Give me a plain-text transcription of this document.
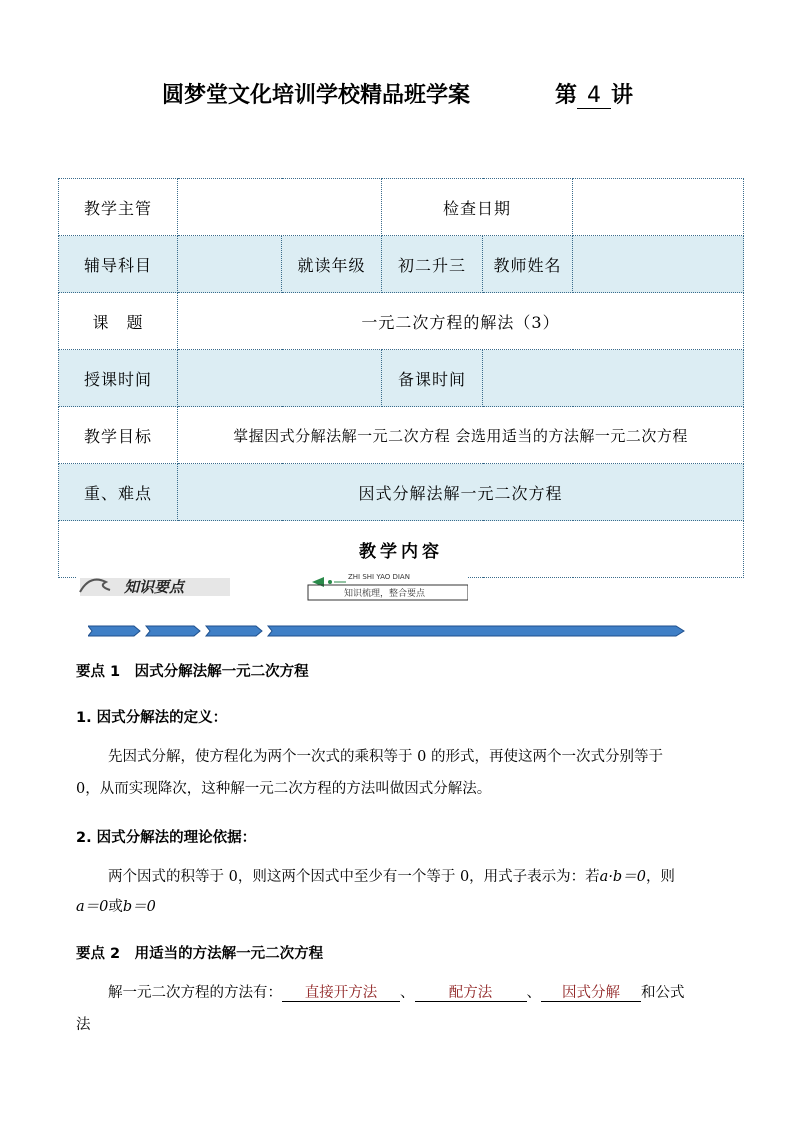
圆梦堂文化培训学校精品班学案	第 4 讲
教学主管			检查日期		
辅导科目		就读年级	初二升三	教师姓名	
课　题	一元二次方程的解法（3）				
授课时间			备课时间		
教学目标	掌握因式分解法解一元二次方程 会选用适当的方法解一元二次方程				
重、难点	因式分解法解一元二次方程				
教学内容					
知识要点
ZHI SHI YAO DIAN
知识梳理，整合要点
要点 1　因式分解法解一元二次方程
1. 因式分解法的定义：
先因式分解，使方程化为两个一次式的乘积等于 0 的形式，再使这两个一次式分别等于
0，从而实现降次，这种解一元二次方程的方法叫做因式分解法。
2. 因式分解法的理论依据：
两个因式的积等于 0，则这两个因式中至少有一个等于 0，用式子表示为：若a·b＝0，则
a＝0或b＝0
要点 2　用适当的方法解一元二次方程
解一元二次方程的方法有： 直接开方法 、 配方法 、 因式分解 和公式
法
